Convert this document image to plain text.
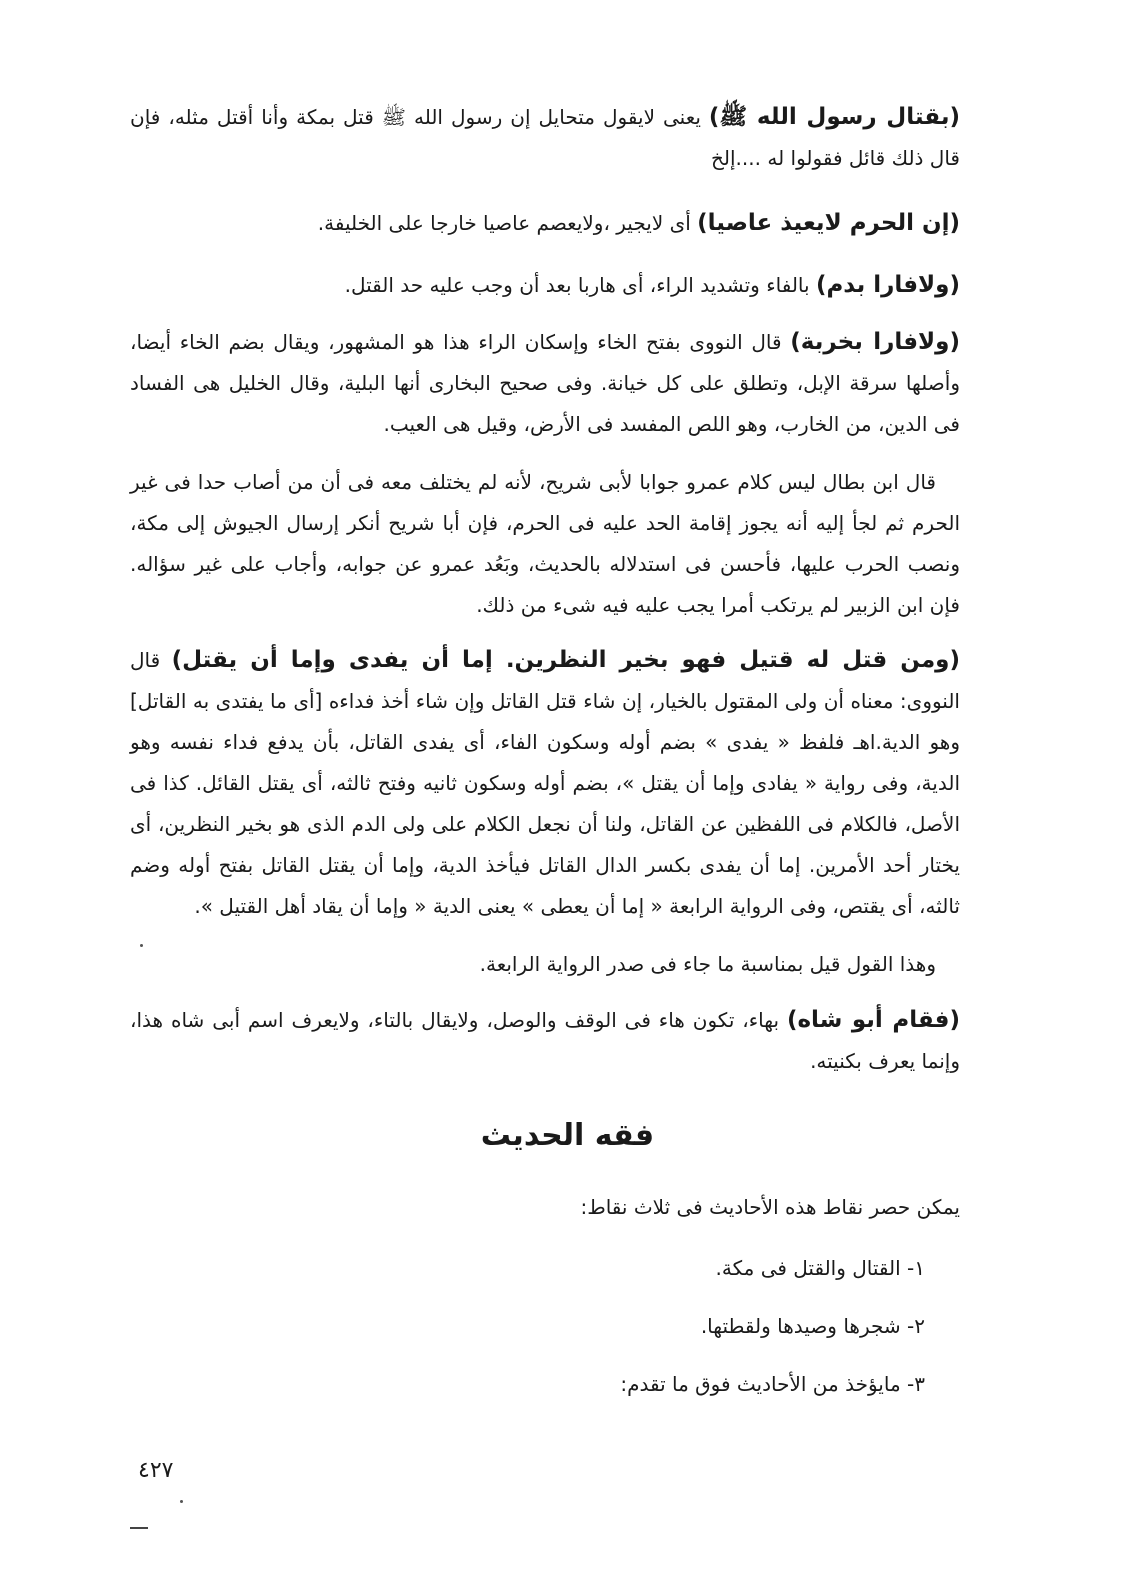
(بقتال رسول الله ﷺ) يعنى لايقول متحايل إن رسول الله ﷺ قتل بمكة وأنا أقتل مثله، فإن قال ذلك قائل فقولوا له ....إلخ

(إن الحرم لايعيذ عاصيا) أى لايجير ،ولايعصم عاصيا خارجا على الخليفة.

(ولافارا بدم) بالفاء وتشديد الراء، أى هاربا بعد أن وجب عليه حد القتل.

(ولافارا بخربة) قال النووى بفتح الخاء وإسكان الراء هذا هو المشهور، ويقال بضم الخاء أيضا، وأصلها سرقة الإبل، وتطلق على كل خيانة. وفى صحيح البخارى أنها البلية، وقال الخليل هى الفساد فى الدين، من الخارب، وهو اللص المفسد فى الأرض، وقيل هى العيب.

قال ابن بطال ليس كلام عمرو جوابا لأبى شريح، لأنه لم يختلف معه فى أن من أصاب حدا فى غير الحرم ثم لجأ إليه أنه يجوز إقامة الحد عليه فى الحرم، فإن أبا شريح أنكر إرسال الجيوش إلى مكة، ونصب الحرب عليها، فأحسن فى استدلاله بالحديث، وبَعُد عمرو عن جوابه، وأجاب على غير سؤاله. فإن ابن الزبير لم يرتكب أمرا يجب عليه فيه شىء من ذلك.

(ومن قتل له قتيل فهو بخير النظرين. إما أن يفدى وإما أن يقتل) قال النووى: معناه أن ولى المقتول بالخيار، إن شاء قتل القاتل وإن شاء أخذ فداءه [أى ما يفتدى به القاتل] وهو الدية.اهـ فلفظ « يفدى » بضم أوله وسكون الفاء، أى يفدى القاتل، بأن يدفع فداء نفسه وهو الدية، وفى رواية « يفادى وإما أن يقتل »، بضم أوله وسكون ثانيه وفتح ثالثه، أى يقتل القائل. كذا فى الأصل، فالكلام فى اللفظين عن القاتل، ولنا أن نجعل الكلام على ولى الدم الذى هو بخير النظرين، أى يختار أحد الأمرين. إما أن يفدى بكسر الدال القاتل فيأخذ الدية، وإما أن يقتل القاتل بفتح أوله وضم ثالثه، أى يقتص، وفى الرواية الرابعة « إما أن يعطى » يعنى الدية « وإما أن يقاد أهل القتيل ».

وهذا القول قيل بمناسبة ما جاء فى صدر الرواية الرابعة.

(فقام أبو شاه) بهاء، تكون هاء فى الوقف والوصل، ولايقال بالتاء، ولايعرف اسم أبى شاه هذا، وإنما يعرف بكنيته.

فقه الحديث
يمكن حصر نقاط هذه الأحاديث فى ثلاث نقاط:
١- القتال والقتل فى مكة.
٢- شجرها وصيدها ولقطتها.
٣- مايؤخذ من الأحاديث فوق ما تقدم:
٤٢٧
